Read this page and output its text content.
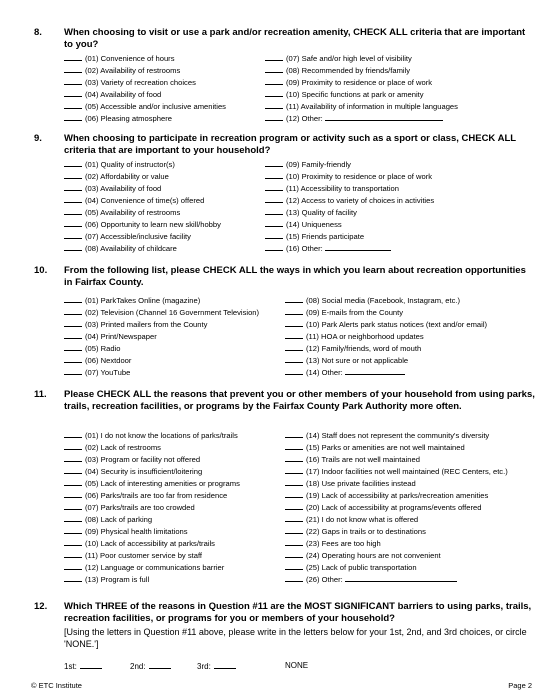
8. When choosing to visit or use a park and/or recreation amenity, CHECK ALL criteria that are important to you?
(01) Convenience of hours
(02) Availability of restrooms
(03) Variety of recreation choices
(04) Availability of food
(05) Accessible and/or inclusive amenities
(06) Pleasing atmosphere
(07) Safe and/or high level of visibility
(08) Recommended by friends/family
(09) Proximity to residence or place of work
(10) Specific functions at park or amenity
(11) Availability of information in multiple languages
(12) Other:
9. When choosing to participate in recreation program or activity such as a sport or class, CHECK ALL criteria that are important to your household?
(01) Quality of instructor(s)
(02) Affordability or value
(03) Availability of food
(04) Convenience of time(s) offered
(05) Availability of restrooms
(06) Opportunity to learn new skill/hobby
(07) Accessible/inclusive facility
(08) Availability of childcare
(09) Family-friendly
(10) Proximity to residence or place of work
(11) Accessibility to transportation
(12) Access to variety of choices in activities
(13) Quality of facility
(14) Uniqueness
(15) Friends participate
(16) Other:
10. From the following list, please CHECK ALL the ways in which you learn about recreation opportunities in Fairfax County.
(01) ParkTakes Online (magazine)
(02) Television (Channel 16 Government Television)
(03) Printed mailers from the County
(04) Print/Newspaper
(05) Radio
(06) Nextdoor
(07) YouTube
(08) Social media (Facebook, Instagram, etc.)
(09) E-mails from the County
(10) Park Alerts park status notices (text and/or email)
(11) HOA or neighborhood updates
(12) Family/friends, word of mouth
(13) Not sure or not applicable
(14) Other:
11. Please CHECK ALL the reasons that prevent you or other members of your household from using parks, trails, recreation facilities, or programs by the Fairfax County Park Authority more often.
(01) I do not know the locations of parks/trails
(02) Lack of restrooms
(03) Program or facility not offered
(04) Security is insufficient/loitering
(05) Lack of interesting amenities or programs
(06) Parks/trails are too far from residence
(07) Parks/trails are too crowded
(08) Lack of parking
(09) Physical health limitations
(10) Lack of accessibility at parks/trails
(11) Poor customer service by staff
(12) Language or communications barrier
(13) Program is full
(14) Staff does not represent the community's diversity
(15) Parks or amenities are not well maintained
(16) Trails are not well maintained
(17) Indoor facilities not well maintained (REC Centers, etc.)
(18) Use private facilities instead
(19) Lack of accessibility at parks/recreation amenities
(20) Lack of accessibility at programs/events offered
(21) I do not know what is offered
(22) Gaps in trails or to destinations
(23) Fees are too high
(24) Operating hours are not convenient
(25) Lack of public transportation
(26) Other:
12. Which THREE of the reasons in Question #11 are the MOST SIGNIFICANT barriers to using parks, trails, recreation facilities, or programs for you or members of your household?
[Using the letters in Question #11 above, please write in the letters below for your 1st, 2nd, and 3rd choices, or circle 'NONE.']
1st:	2nd:	3rd:	NONE
© ETC Institute	Page 2
